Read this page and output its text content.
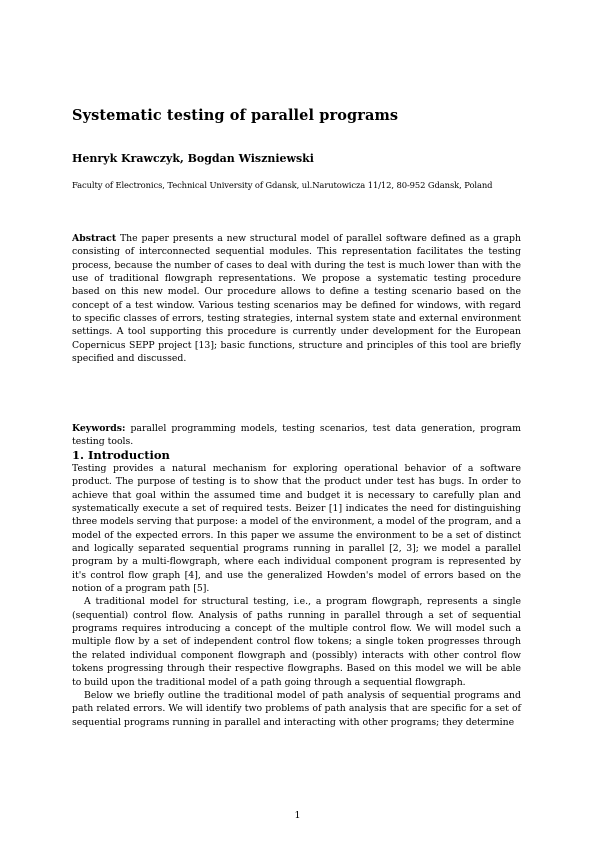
Systematic testing of parallel programs
Henryk Krawczyk, Bogdan Wiszniewski
Faculty of Electronics, Technical University of Gdansk, ul.Narutowicza 11/12, 80-952 Gdansk, Poland

Abstract The paper presents a new structural model of parallel software defined as a graph consisting of interconnected sequential modules. This representation facilitates the testing process, because the number of cases to deal with during the test is much lower than with the use of traditional flowgraph representations. We propose a systematic testing procedure based on this new model. Our procedure allows to define a testing scenario based on the concept of a test window. Various testing scenarios may be defined for windows, with regard to specific classes of errors, testing strategies, internal system state and external environment settings. A tool supporting this procedure is currently under development for the European Copernicus SEPP project [13]; basic functions, structure and principles of this tool are briefly specified and discussed.

Keywords: parallel programming models, testing scenarios, test data generation, program testing tools.

1. Introduction

Testing provides a natural mechanism for exploring operational behavior of a software product. The purpose of testing is to show that the product under test has bugs. In order to achieve that goal within the assumed time and budget it is necessary to carefully plan and systematically execute a set of required tests. Beizer [1] indicates the need for distinguishing three models serving that purpose: a model of the environment, a model of the program, and a model of the expected errors. In this paper we assume the environment to be a set of distinct and logically separated sequential programs running in parallel [2, 3]; we model a parallel program by a multi-flowgraph, where each individual component program is represented by it's control flow graph [4], and use the generalized Howden's model of errors based on the notion of a program path [5].

A traditional model for structural testing, i.e., a program flowgraph, represents a single (sequential) control flow. Analysis of paths running in parallel through a set of sequential programs requires introducing a concept of the multiple control flow. We will model such a multiple flow by a set of independent control flow tokens; a single token progresses through the related individual component flowgraph and (possibly) interacts with other control flow tokens progressing through their respective flowgraphs. Based on this model we will be able to build upon the traditional model of a path going through a sequential flowgraph.

Below we briefly outline the traditional model of path analysis of sequential programs and path related errors. We will identify two problems of path analysis that are specific for a set of sequential programs running in parallel and interacting with other programs; they determine

1
